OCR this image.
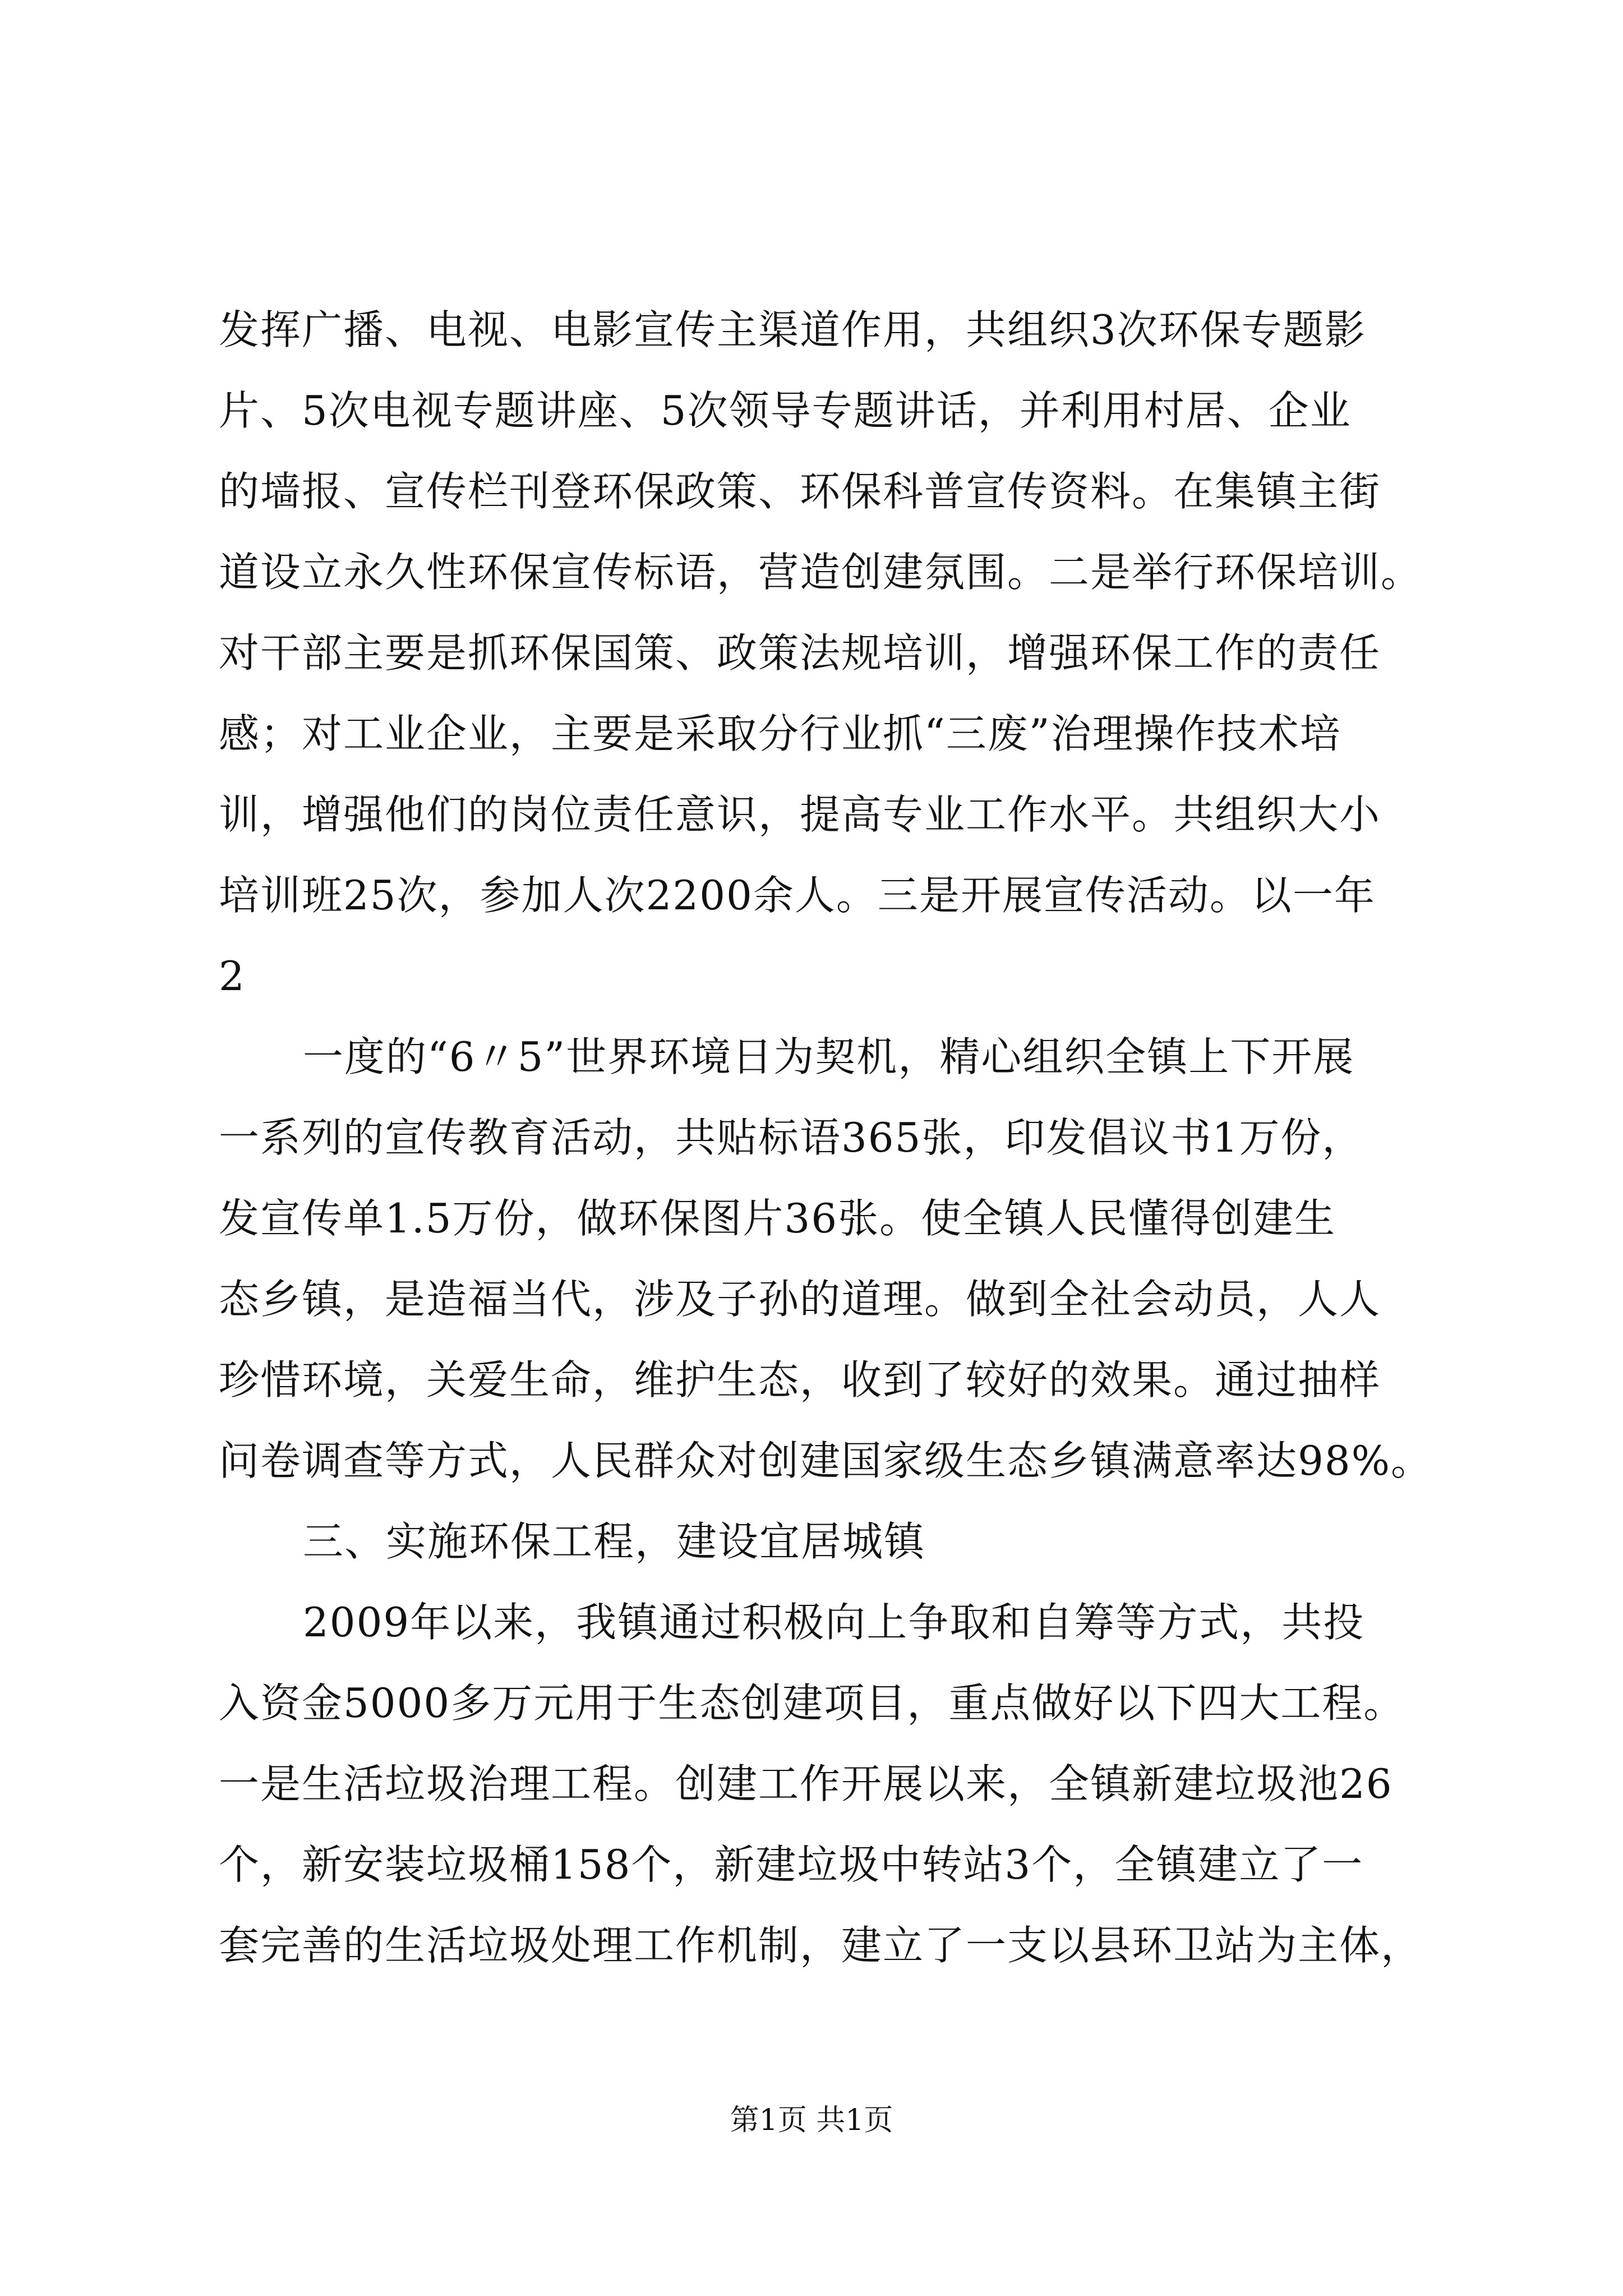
发挥广播、电视、电影宣传主渠道作用，共组织3次环保专题影
片、5次电视专题讲座、5次领导专题讲话，并利用村居、企业
的墙报、宣传栏刊登环保政策、环保科普宣传资料。在集镇主街
道设立永久性环保宣传标语，营造创建氛围。二是举行环保培训。
对干部主要是抓环保国策、政策法规培训，增强环保工作的责任
感；对工业企业，主要是采取分行业抓“三废”治理操作技术培
训，增强他们的岗位责任意识，提高专业工作水平。共组织大小
培训班25次，参加人次2200余人。三是开展宣传活动。以一年
2
一度的“6〃5”世界环境日为契机，精心组织全镇上下开展
一系列的宣传教育活动，共贴标语365张，印发倡议书1万份，
发宣传单1.5万份，做环保图片36张。使全镇人民懂得创建生
态乡镇，是造福当代，涉及子孙的道理。做到全社会动员，人人
珍惜环境，关爱生命，维护生态，收到了较好的效果。通过抽样
问卷调查等方式，人民群众对创建国家级生态乡镇满意率达98%。
三、实施环保工程，建设宜居城镇
2009年以来，我镇通过积极向上争取和自筹等方式，共投
入资金5000多万元用于生态创建项目，重点做好以下四大工程。
一是生活垃圾治理工程。创建工作开展以来，全镇新建垃圾池26
个，新安装垃圾桶158个，新建垃圾中转站3个，全镇建立了一
套完善的生活垃圾处理工作机制，建立了一支以县环卫站为主体，
第1页 共1页
